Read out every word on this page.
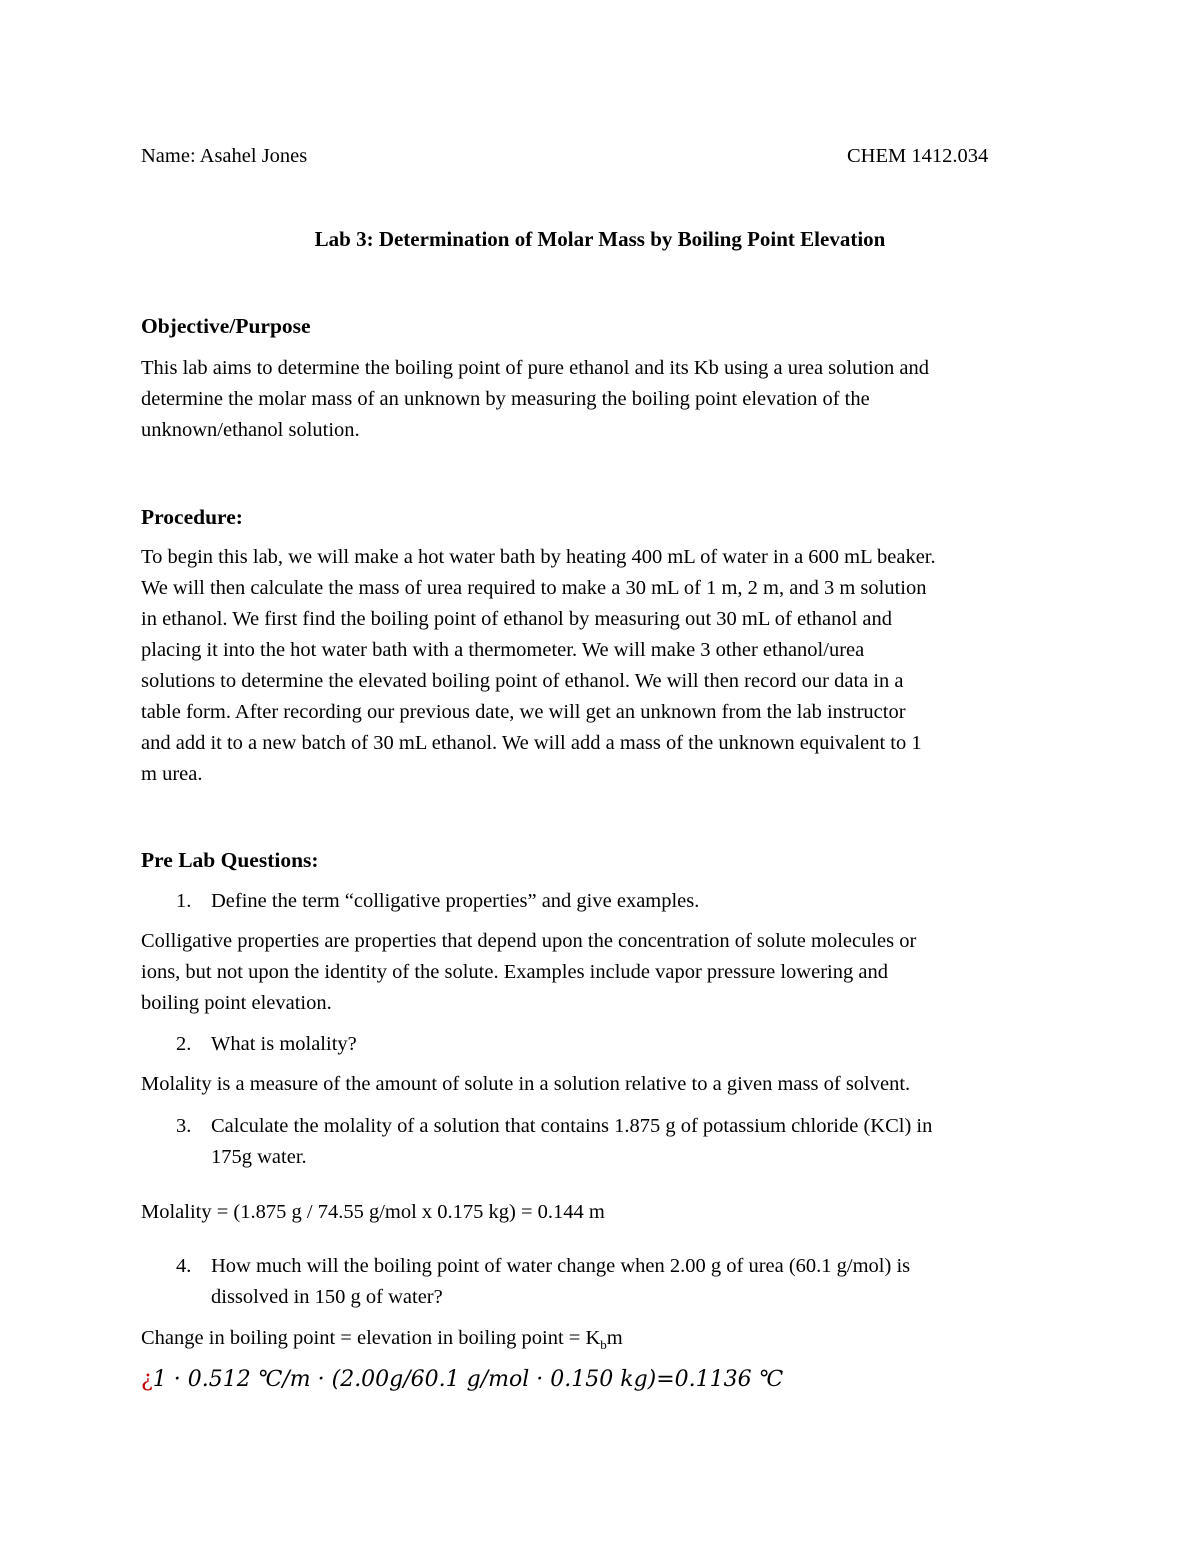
Name: Asahel Jones	CHEM 1412.034
Lab 3: Determination of Molar Mass by Boiling Point Elevation
Objective/Purpose
This lab aims to determine the boiling point of pure ethanol and its Kb using a urea solution and
determine the molar mass of an unknown by measuring the boiling point elevation of the
unknown/ethanol solution.
Procedure:
To begin this lab, we will make a hot water bath by heating 400 mL of water in a 600 mL beaker.
We will then calculate the mass of urea required to make a 30 mL of 1 m, 2 m, and 3 m solution
in ethanol. We first find the boiling point of ethanol by measuring out 30 mL of ethanol and
placing it into the hot water bath with a thermometer. We will make 3 other ethanol/urea
solutions to determine the elevated boiling point of ethanol. We will then record our data in a
table form. After recording our previous date, we will get an unknown from the lab instructor
and add it to a new batch of 30 mL ethanol. We will add a mass of the unknown equivalent to 1
m urea.
Pre Lab Questions:
1. Define the term “colligative properties” and give examples.
Colligative properties are properties that depend upon the concentration of solute molecules or
ions, but not upon the identity of the solute. Examples include vapor pressure lowering and
boiling point elevation.
2. What is molality?
Molality is a measure of the amount of solute in a solution relative to a given mass of solvent.
3. Calculate the molality of a solution that contains 1.875 g of potassium chloride (KCl) in
175g water.
Molality = (1.875 g / 74.55 g/mol x 0.175 kg) = 0.144 m
4. How much will the boiling point of water change when 2.00 g of urea (60.1 g/mol) is
dissolved in 150 g of water?
Change in boiling point = elevation in boiling point = $K_bm$
¿1 · 0.512 ℃/m · (2.00g/60.1 g/mol · 0.150 kg)=0.1136 ℃
